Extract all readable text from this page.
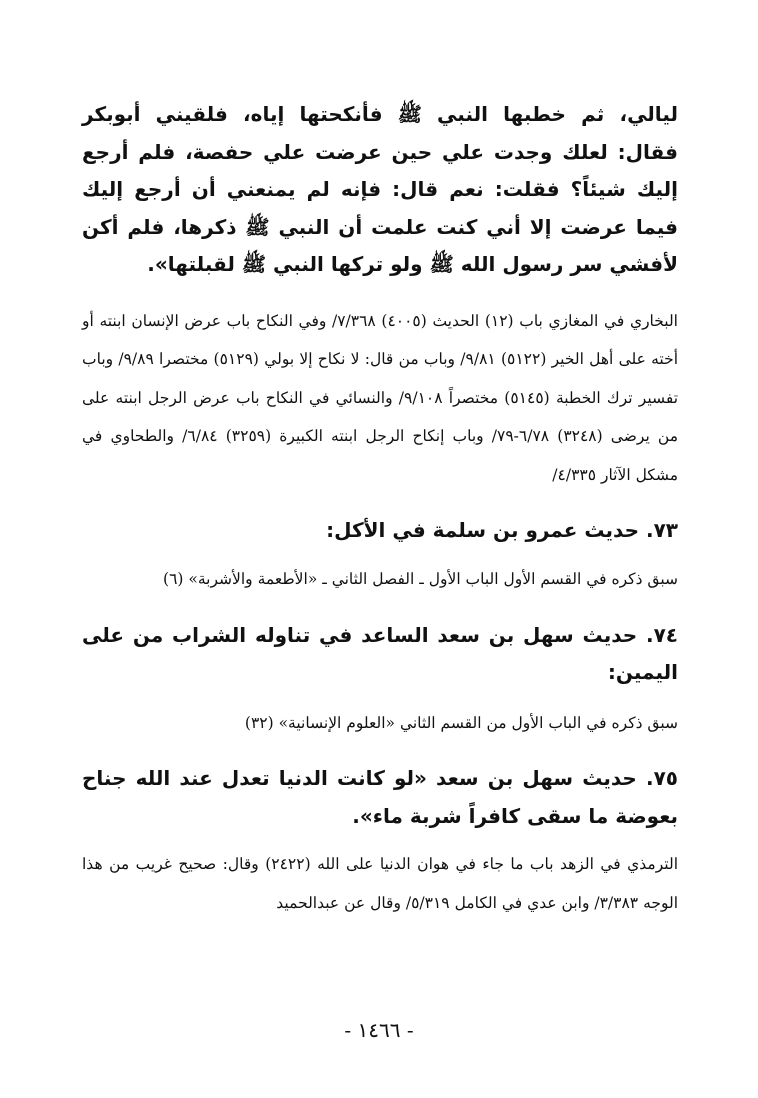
ليالي، ثم خطبها النبي ﷺ فأنكحتها إياه، فلقيني أبوبكر فقال: لعلك وجدت علي حين عرضت علي حفصة، فلم أرجع إليك شيئاً؟ فقلت: نعم قال: فإنه لم يمنعني أن أرجع إليك فيما عرضت إلا أني كنت علمت أن النبي ﷺ ذكرها، فلم أكن لأفشي سر رسول الله ﷺ ولو تركها النبي ﷺ لقبلتها».

البخاري في المغازي باب (١٢) الحديث (٤٠٠٥) ٧/٣٦٨/ وفي النكاح باب عرض الإنسان ابنته أو أخته على أهل الخير (٥١٢٢) ٩/٨١/ وباب من قال: لا نكاح إلا بولي (٥١٢٩) مختصرا ٩/٨٩/ وباب تفسير ترك الخطبة (٥١٤٥) مختصراً ٩/١٠٨/ والنسائي في النكاح باب عرض الرجل ابنته على من يرضى (٣٢٤٨) ٦/٧٨-٧٩/ وباب إنكاح الرجل ابنته الكبيرة (٣٢٥٩) ٦/٨٤/ والطحاوي في مشكل الآثار ٤/٣٣٥/

٧٣. حديث عمرو بن سلمة في الأكل:

سبق ذكره في القسم الأول الباب الأول ـ الفصل الثاني ـ «الأطعمة والأشربة» (٦)

٧٤. حديث سهل بن سعد الساعد في تناوله الشراب من على اليمين:

سبق ذكره في الباب الأول من القسم الثاني «العلوم الإنسانية» (٣٢)

٧٥. حديث سهل بن سعد «لو كانت الدنيا تعدل عند الله جناح بعوضة ما سقى كافراً شربة ماء».

الترمذي في الزهد باب ما جاء في هوان الدنيا على الله (٢٤٢٢) وقال: صحيح غريب من هذا الوجه ٣/٣٨٣/ وابن عدي في الكامل ٥/٣١٩/ وقال عن عبدالحميد

- ١٤٦٦ -
